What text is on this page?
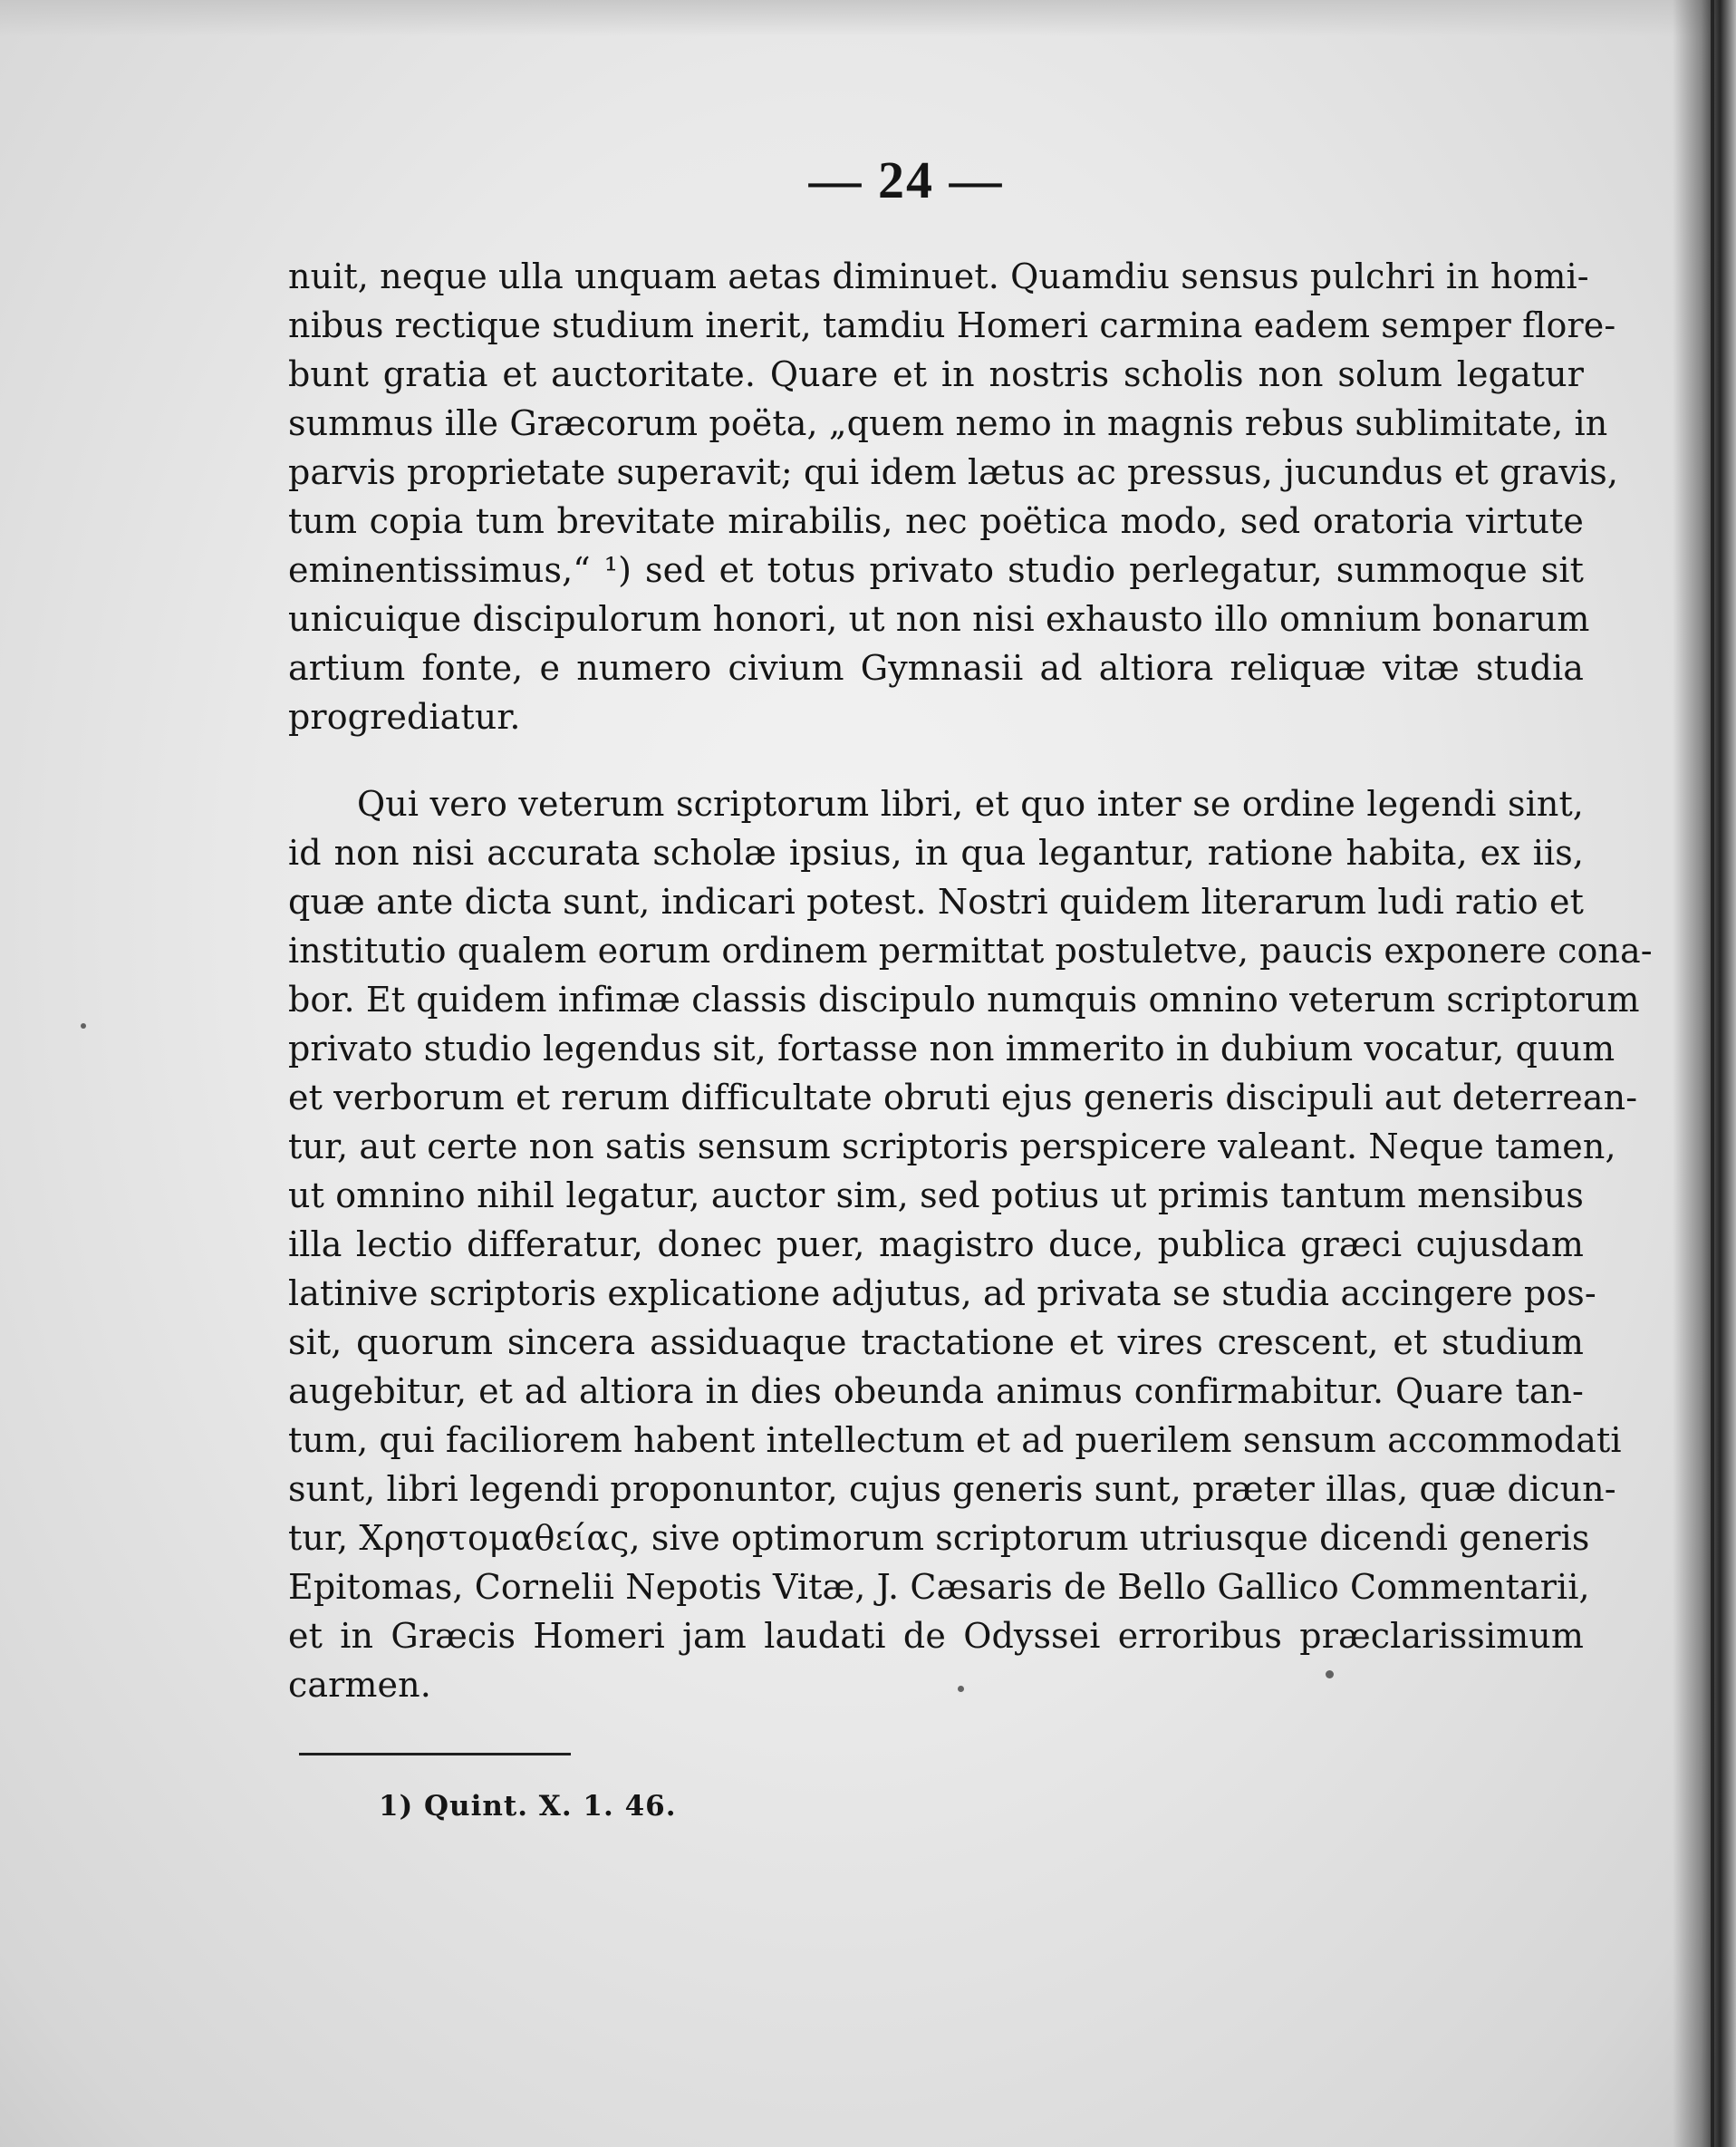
— 24 —
nuit, neque ulla unquam aetas diminuet. Quamdiu sensus pulchri in homi-
nibus rectique studium inerit, tamdiu Homeri carmina eadem semper flore-
bunt gratia et auctoritate. Quare et in nostris scholis non solum legatur
summus ille Græcorum poëta, „quem nemo in magnis rebus sublimitate, in
parvis proprietate superavit; qui idem lætus ac pressus, jucundus et gravis,
tum copia tum brevitate mirabilis, nec poëtica modo, sed oratoria virtute
eminentissimus,“ ¹) sed et totus privato studio perlegatur, summoque sit
unicuique discipulorum honori, ut non nisi exhausto illo omnium bonarum
artium fonte, e numero civium Gymnasii ad altiora reliquæ vitæ studia
progrediatur.
Qui vero veterum scriptorum libri, et quo inter se ordine legendi sint,
id non nisi accurata scholæ ipsius, in qua legantur, ratione habita, ex iis,
quæ ante dicta sunt, indicari potest. Nostri quidem literarum ludi ratio et
institutio qualem eorum ordinem permittat postuletve, paucis exponere cona-
bor. Et quidem infimæ classis discipulo numquis omnino veterum scriptorum
privato studio legendus sit, fortasse non immerito in dubium vocatur, quum
et verborum et rerum difficultate obruti ejus generis discipuli aut deterrean-
tur, aut certe non satis sensum scriptoris perspicere valeant. Neque tamen,
ut omnino nihil legatur, auctor sim, sed potius ut primis tantum mensibus
illa lectio differatur, donec puer, magistro duce, publica græci cujusdam
latinive scriptoris explicatione adjutus, ad privata se studia accingere pos-
sit, quorum sincera assiduaque tractatione et vires crescent, et studium
augebitur, et ad altiora in dies obeunda animus confirmabitur. Quare tan-
tum, qui faciliorem habent intellectum et ad puerilem sensum accommodati
sunt, libri legendi proponuntor, cujus generis sunt, præter illas, quæ dicun-
tur, Χρηστομαθείας, sive optimorum scriptorum utriusque dicendi generis
Epitomas, Cornelii Nepotis Vitæ, J. Cæsaris de Bello Gallico Commentarii,
et in Græcis Homeri jam laudati de Odyssei erroribus præclarissimum
carmen.
1) Quint. X. 1. 46.
